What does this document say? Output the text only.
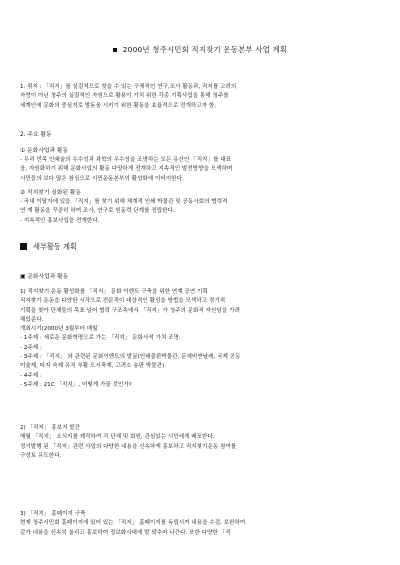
2000년 청주시민회 직지찾기 운동본부 사업 계획

1. 취지 : 「직지」를 실질적으로 찾을 수 있는 구체적인 연구,조사 활동과, 직지를 고려의

자랑이 아닌 청주의 실질적인 자원으로 활용이 가치 위한 각종 기획사업을 통해 청주를

세계인에 문화의 중심지로 발돋움 시키기 위한 활동을 효율적으로 전개하고자 함.

2. 주요 활동

① 문화사업과 활동

- 우리 민족 인쇄술의 우수성과 과학의 우수성을 조명하는 모든 유산인 「직지」를 대표

음, 자원화하기 위해 문화사업의 활동 다양하게 전개하고 지속적인 발전방향을 모색하며

시민들의 보다 많은 참심으로 시민운동본부의 활성화에 이바지한다.

② 직지찾기 심화된 활동

- 국내 이탈자에 있을 「직지」를 찾기 위해 체계적 인쇄 박물관 및 공동사회의 협력적

연 계 활동을 꾸준히 하여 조사, 연구로 원동력 단계를 정립한다.

- 지속적인 홍보사업을 전개한다.

세부활동 계획

▣ 문화사업과 활동

1) 직지찾기 운동 활성화를 「직지」 문화 이벤트 구축을 위한 연계 공연 기획

직지찾기 운동을 다양한 시각으로 전문적이 대상적인 활성을 방법을 모색하고 경기적

기획을 찾아 단체들의 목표 넘어 협력 구조속에서 「직지」가 청주의 문화적 자산임을 가려

해있준다.

개최시기(2000년 3월부터 매월

- 1주제 : 새로운 문화혁명으로 가는 「직지」 문화사적 가치 조명.

- 2주제 :

- 3주제 : 「직지」 와 관련된 문화이벤트의 발굴(인쇄출판박물관, 문예비엔날레, 국제 공동

미술제, 타지 숙제 유치 부활 도시축제, 고려소 송판 박물관)

- 4주제 :

- 5주제 : 21C 「직지」, 어떻게 가꿀 것인가?

2) 「직지」 홍보지 발간

매월 「직지」 소식지를 제작하여 각 단체 및 회원, 관심있는 시민에게 배포한다.

정기발행 된 「직지」관련 사업의 다양한 내용을 신속하게 홍보하고 직지찾기운동 참여를

구성토 유도한다.

3) 「직지」 홈페이지 구축

현재 청주시민회 홈페이지에 있어 있는 「직지」 홈페이지를 독립시켜 내용을 수검, 보완하여

같가 내용을 신속히 올리고 홍보하여 정보화시대에 발 맞추어 나간다. 또한 다양한 「직
